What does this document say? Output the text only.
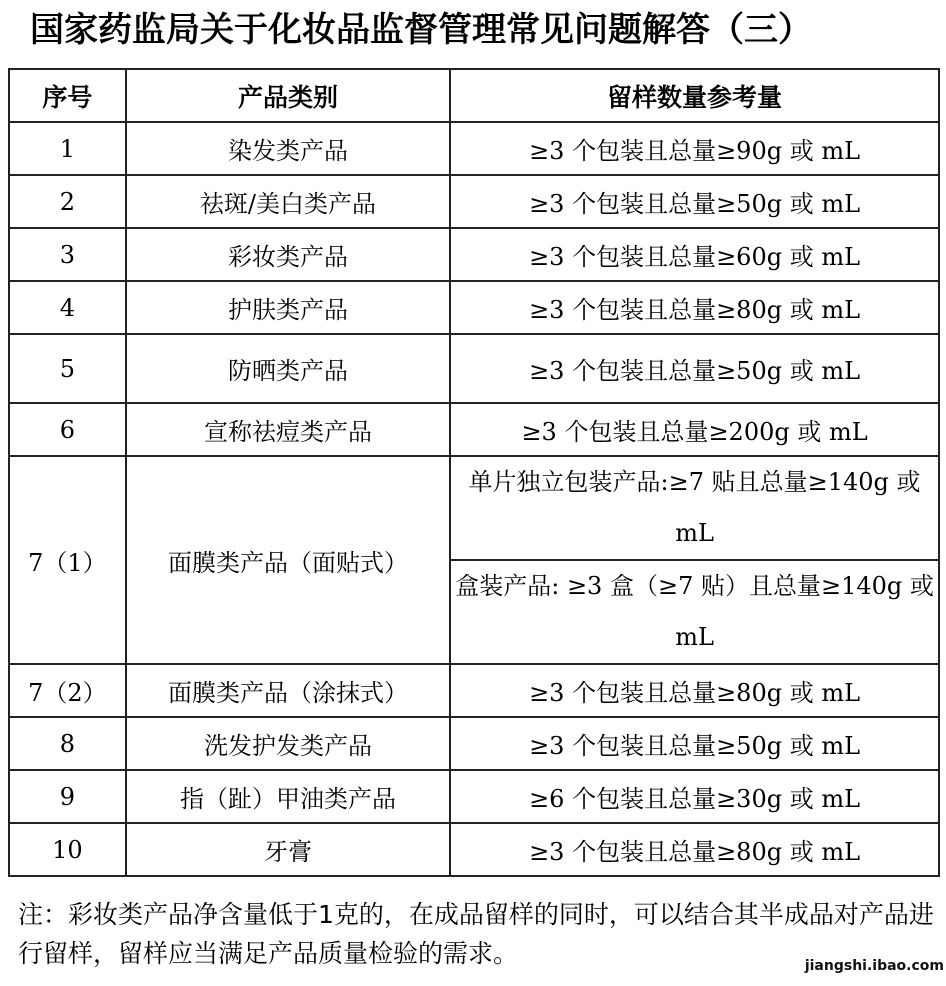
国家药监局关于化妆品监督管理常见问题解答（三）
序号	产品类别	留样数量参考量
1	染发类产品	≥3 个包装且总量≥90g 或 mL
2	祛斑/美白类产品	≥3 个包装且总量≥50g 或 mL
3	彩妆类产品	≥3 个包装且总量≥60g 或 mL
4	护肤类产品	≥3 个包装且总量≥80g 或 mL
5	防晒类产品	≥3 个包装且总量≥50g 或 mL
6	宣称祛痘类产品	≥3 个包装且总量≥200g 或 mL
7（1）	面膜类产品（面贴式）	单片独立包装产品:≥7 贴且总量≥140g 或 mL
		盒装产品: ≥3 盒（≥7 贴）且总量≥140g 或 mL
7（2）	面膜类产品（涂抹式）	≥3 个包装且总量≥80g 或 mL
8	洗发护发类产品	≥3 个包装且总量≥50g 或 mL
9	指（趾）甲油类产品	≥6 个包装且总量≥30g 或 mL
10	牙膏	≥3 个包装且总量≥80g 或 mL
注：彩妆类产品净含量低于1克的，在成品留样的同时，可以结合其半成品对产品进行留样，留样应当满足产品质量检验的需求。	jiangshi.ibao.com
